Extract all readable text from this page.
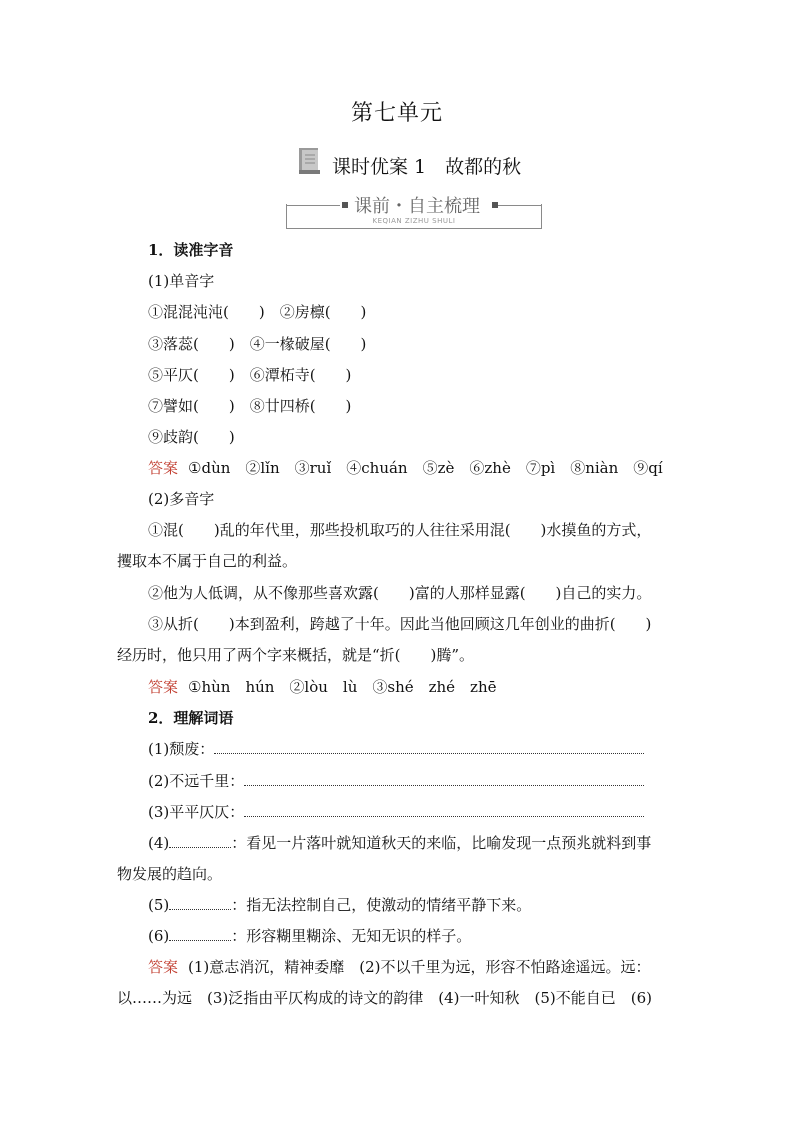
第七单元
课时优案 1　故都的秋
课前・自主梳理
KEQIAN ZIZHU SHULI
1．读准字音
(1)单音字
①混混沌沌(　　)　②房檩(　　)
③落蕊(　　)　④一椽破屋(　　)
⑤平仄(　　)　⑥潭柘寺(　　)
⑦譬如(　　)　⑧廿四桥(　　)
⑨歧韵(　　)
答案 ①dùn　②lǐn　③ruǐ　④chuán　⑤zè　⑥zhè　⑦pì　⑧niàn　⑨qí
(2)多音字
①混(　　)乱的年代里，那些投机取巧的人往往采用混(　　)水摸鱼的方式，
攫取本不属于自己的利益。
②他为人低调，从不像那些喜欢露(　　)富的人那样显露(　　)自己的实力。
③从折(　　)本到盈利，跨越了十年。因此当他回顾这几年创业的曲折(　　)
经历时，他只用了两个字来概括，就是“折(　　)腾”。
答案 ①hùn　hún　②lòu　lù　③shé　zhé　zhē
2．理解词语
(1)颓废：
(2)不远千里：
(3)平平仄仄：
(4)	：看见一片落叶就知道秋天的来临，比喻发现一点预兆就料到事
物发展的趋向。
(5)	：指无法控制自己，使激动的情绪平静下来。
(6)	：形容糊里糊涂、无知无识的样子。
答案 (1)意志消沉，精神委靡　(2)不以千里为远，形容不怕路途遥远。远：
以……为远　(3)泛指由平仄构成的诗文的韵律　(4)一叶知秋　(5)不能自已　(6)
